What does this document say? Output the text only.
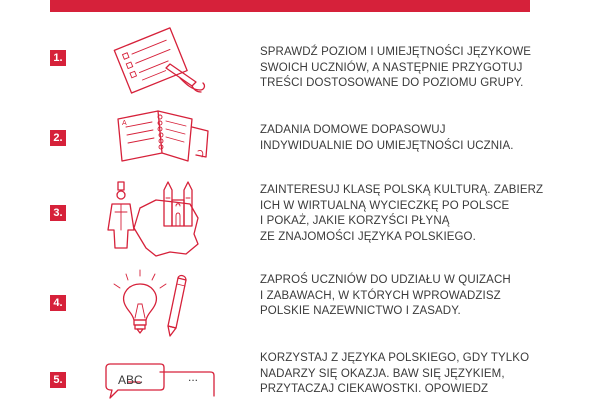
1.	SPRAWDŹ POZIOM I UMIEJĘTNOŚCI JĘZYKOWE
SWOICH UCZNIÓW, A NASTĘPNIE PRZYGOTUJ
TREŚCI DOSTOSOWANE DO POZIOMU GRUPY.
2.
A
ZADANIA DOMOWE DOPASOWUJ
INDYWIDUALNIE DO UMIEJĘTNOŚCI UCZNIA.
3.
ZAINTERESUJ KLASĘ POLSKĄ KULTURĄ. ZABIERZ
ICH W WIRTUALNĄ WYCIECZKĘ PO POLSCE
I POKAŻ, JAKIE KORZYŚCI PŁYNĄ
ZE ZNAJOMOŚCI JĘZYKA POLSKIEGO.
4.
ZAPROŚ UCZNIÓW DO UDZIAŁU W QUIZACH
I ZABAWACH, W KTÓRYCH WPROWADZISZ
POLSKIE NAZEWNICTWO I ZASADY.
5.	ABC	...
KORZYSTAJ Z JĘZYKA POLSKIEGO, GDY TYLKO
NADARZY SIĘ OKAZJA. BAW SIĘ JĘZYKIEM,
PRZYTACZAJ CIEKAWOSTKI. OPOWIEDZ
